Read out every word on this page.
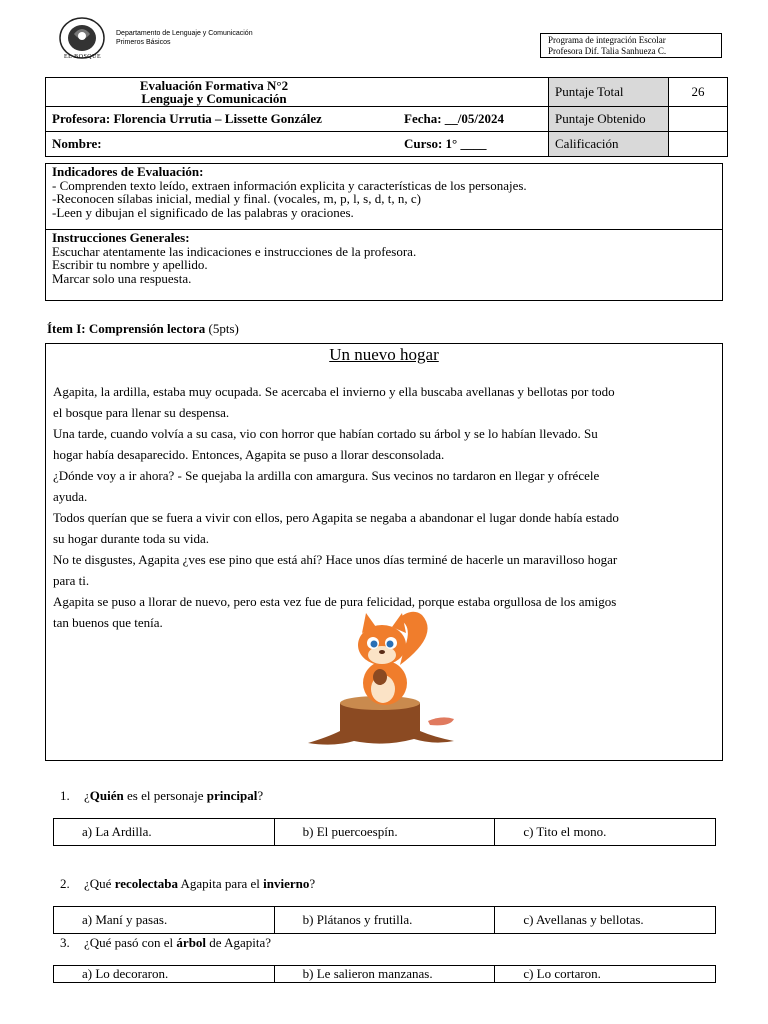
EL BOSQUE
Departamento de Lenguaje y Comunicación
Primeros Básicos	Programa de integración Escolar
Profesora Dif. Talia Sanhueza C.
Evaluación Formativa N°2
Lenguaje y Comunicación		Puntaje Total	26
Profesora: Florencia Urrutia – Lissette González	Fecha: __/05/2024	Puntaje Obtenido	
Nombre:	Curso: 1° ____	Calificación	
Indicadores de Evaluación:
- Comprenden texto leído, extraen información explicita y características de los personajes.
-Reconocen sílabas inicial, medial y final. (vocales, m, p, l, s, d, t, n, c)
-Leen y dibujan el significado de las palabras y oraciones.
Instrucciones Generales:
Escuchar atentamente las indicaciones e instrucciones de la profesora.
Escribir tu nombre y apellido.
Marcar solo una respuesta.
Ítem I: Comprensión lectora (5pts)
Un nuevo hogar
Agapita, la ardilla, estaba muy ocupada. Se acercaba el invierno y ella buscaba avellanas y bellotas por todo
el bosque para llenar su despensa.
Una tarde, cuando volvía a su casa, vio con horror que habían cortado su árbol y se lo habían llevado. Su
hogar había desaparecido. Entonces, Agapita se puso a llorar desconsolada.
¿Dónde voy a ir ahora? - Se quejaba la ardilla con amargura. Sus vecinos no tardaron en llegar y ofrécele
ayuda.
Todos querían que se fuera a vivir con ellos, pero Agapita se negaba a abandonar el lugar donde había estado
su hogar durante toda su vida.
No te disgustes, Agapita ¿ves ese pino que está ahí? Hace unos días terminé de hacerle un maravilloso hogar
para ti.
Agapita se puso a llorar de nuevo, pero esta vez fue de pura felicidad, porque estaba orgullosa de los amigos
tan buenos que tenía.
1. ¿Quién es el personaje principal?
a) La Ardilla.	b) El puercoespín.	c) Tito el mono.
2. ¿Qué recolectaba Agapita para el invierno?
a) Maní y pasas.	b) Plátanos y frutilla.	c) Avellanas y bellotas.
3. ¿Qué pasó con el árbol de Agapita?
a) Lo decoraron.	b) Le salieron manzanas.	c) Lo cortaron.
